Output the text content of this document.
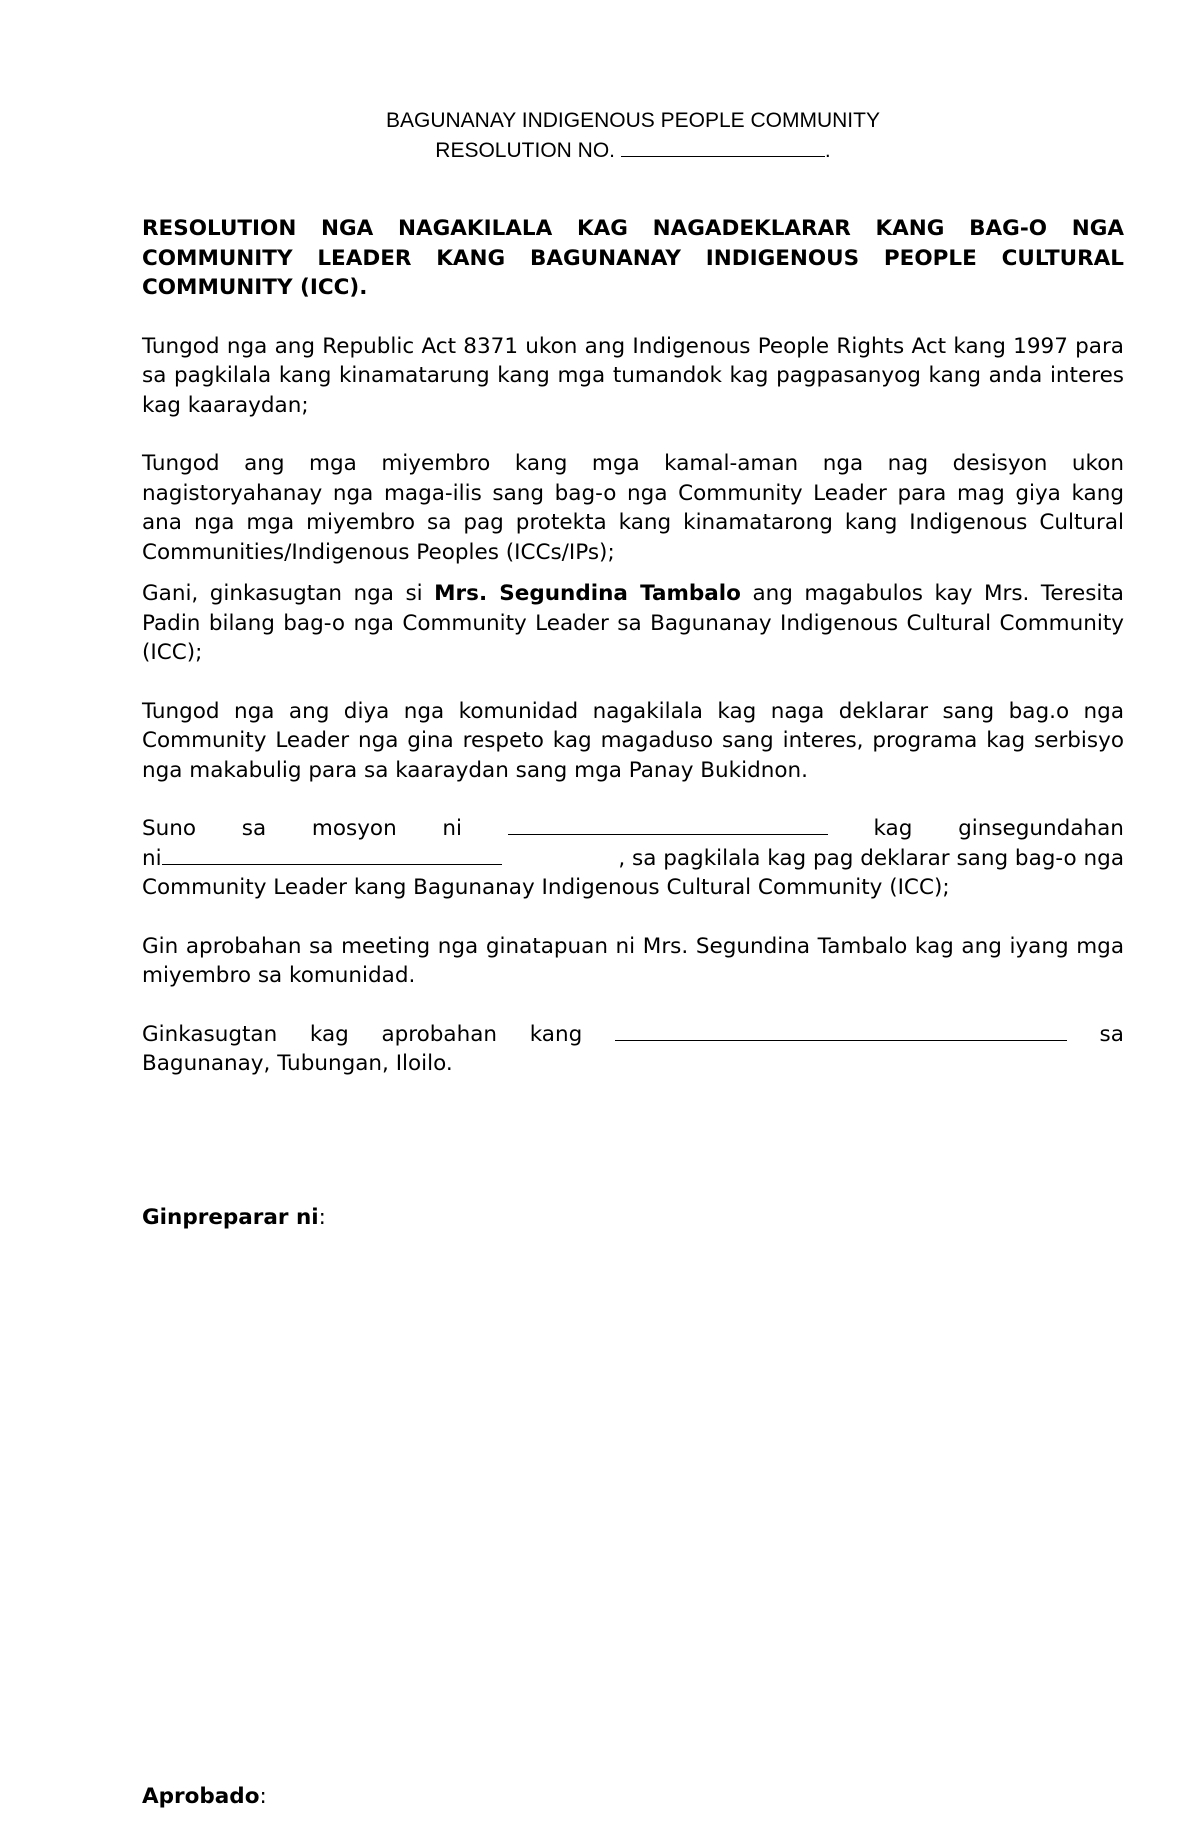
BAGUNANAY INDIGENOUS PEOPLE COMMUNITY
RESOLUTION NO.	.
RESOLUTION NGA NAGAKILALA KAG NAGADEKLARAR KANG BAG-O NGA COMMUNITY LEADER KANG BAGUNANAY INDIGENOUS PEOPLE CULTURAL COMMUNITY (ICC).
Tungod nga ang Republic Act 8371 ukon ang Indigenous People Rights Act kang 1997 para sa pagkilala kang kinamatarung kang mga tumandok kag pagpasanyog kang anda interes kag kaaraydan;
Tungod ang mga miyembro kang mga kamal-aman nga nag desisyon ukon nagistoryahanay nga maga-ilis sang bag-o nga Community Leader para mag giya kang ana nga mga miyembro sa pag protekta kang kinamatarong kang Indigenous Cultural Communities/Indigenous Peoples (ICCs/IPs);
Gani, ginkasugtan nga si Mrs. Segundina Tambalo ang magabulos kay Mrs. Teresita Padin bilang bag-o nga Community Leader sa Bagunanay Indigenous Cultural Community (ICC);
Tungod nga ang diya nga komunidad nagakilala kag naga deklarar sang bag.o nga Community Leader nga gina respeto kag magaduso sang interes, programa kag serbisyo nga makabulig para sa kaaraydan sang mga Panay Bukidnon.
Suno sa mosyon ni	kag ginsegundahan
ni	, sa pagkilala kag pag deklarar sang bag-o nga
Community Leader kang Bagunanay Indigenous Cultural Community (ICC);
Gin aprobahan sa meeting nga ginatapuan ni Mrs. Segundina Tambalo kag ang iyang mga miyembro sa komunidad.
Ginkasugtan kag aprobahan kang	sa
Bagunanay, Tubungan, Iloilo.
Ginpreparar ni:
Aprobado:
